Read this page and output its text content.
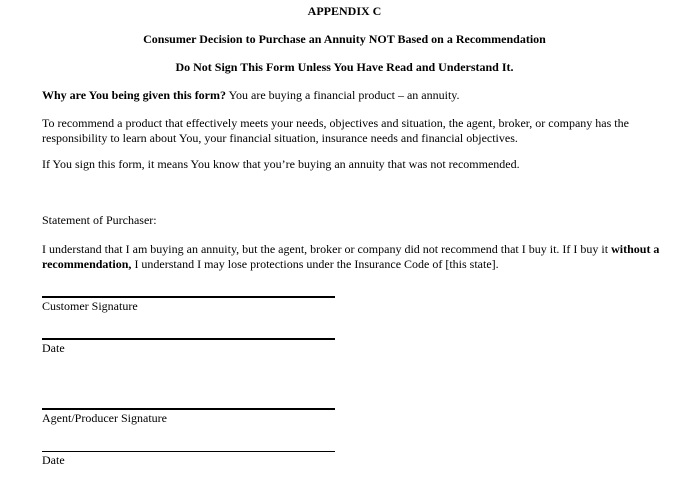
APPENDIX C
Consumer Decision to Purchase an Annuity NOT Based on a Recommendation
Do Not Sign This Form Unless You Have Read and Understand It.
Why are You being given this form? You are buying a financial product – an annuity.
To recommend a product that effectively meets your needs, objectives and situation, the agent, broker, or company has the responsibility to learn about You, your financial situation, insurance needs and financial objectives.
If You sign this form, it means You know that you’re buying an annuity that was not recommended.
Statement of Purchaser:
I understand that I am buying an annuity, but the agent, broker or company did not recommend that I buy it. If I buy it without a recommendation, I understand I may lose protections under the Insurance Code of [this state].
Customer Signature
Date
Agent/Producer Signature
Date
